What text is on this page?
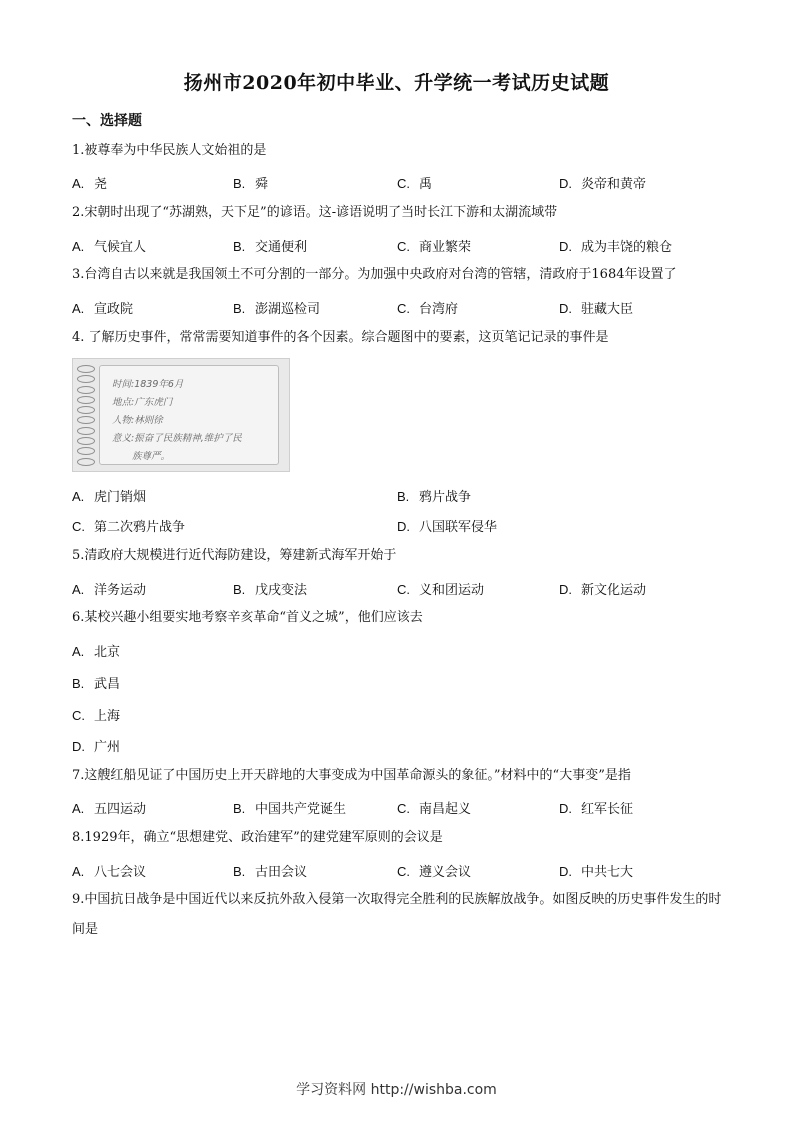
扬州市2020年初中毕业、升学统一考试历史试题
一、选择题
1.被尊奉为中华民族人文始祖的是
A. 尧	B. 舜	C. 禹	D. 炎帝和黄帝
2.宋朝时出现了“苏湖熟，天下足”的谚语。这-谚语说明了当时长江下游和太湖流域带
A. 气候宜人	B. 交通便利	C. 商业繁荣	D. 成为丰饶的粮仓
3.台湾自古以来就是我国领土不可分割的一部分。为加强中央政府对台湾的管辖，清政府于1684年设置了
A. 宣政院	B. 澎湖巡检司	C. 台湾府	D. 驻藏大臣
4. 了解历史事件，常常需要知道事件的各个因素。综合题图中的要素，这页笔记记录的事件是
时间:1839年6月
地点:广东虎门
人物:林则徐
意义:振奋了民族精神,维护了民
族尊严。
A. 虎门销烟	B. 鸦片战争
C. 第二次鸦片战争	D. 八国联军侵华
5.清政府大规模进行近代海防建设，筹建新式海军开始于
A. 洋务运动	B. 戊戌变法	C. 义和团运动	D. 新文化运动
6.某校兴趣小组要实地考察辛亥革命“首义之城”，他们应该去
A. 北京
B. 武昌
C. 上海
D. 广州
7.这艘红船见证了中国历史上开天辟地的大事变成为中国革命源头的象征。”材料中的“大事变”是指
A. 五四运动	B. 中国共产党诞生	C. 南昌起义	D. 红军长征
8.1929年，确立“思想建党、政治建军”的建党建军原则的会议是
A. 八七会议	B. 古田会议	C. 遵义会议	D. 中共七大
9.中国抗日战争是中国近代以来反抗外敌入侵第一次取得完全胜利的民族解放战争。如图反映的历史事件发生的时间是
学习资料网 http://wishba.com
